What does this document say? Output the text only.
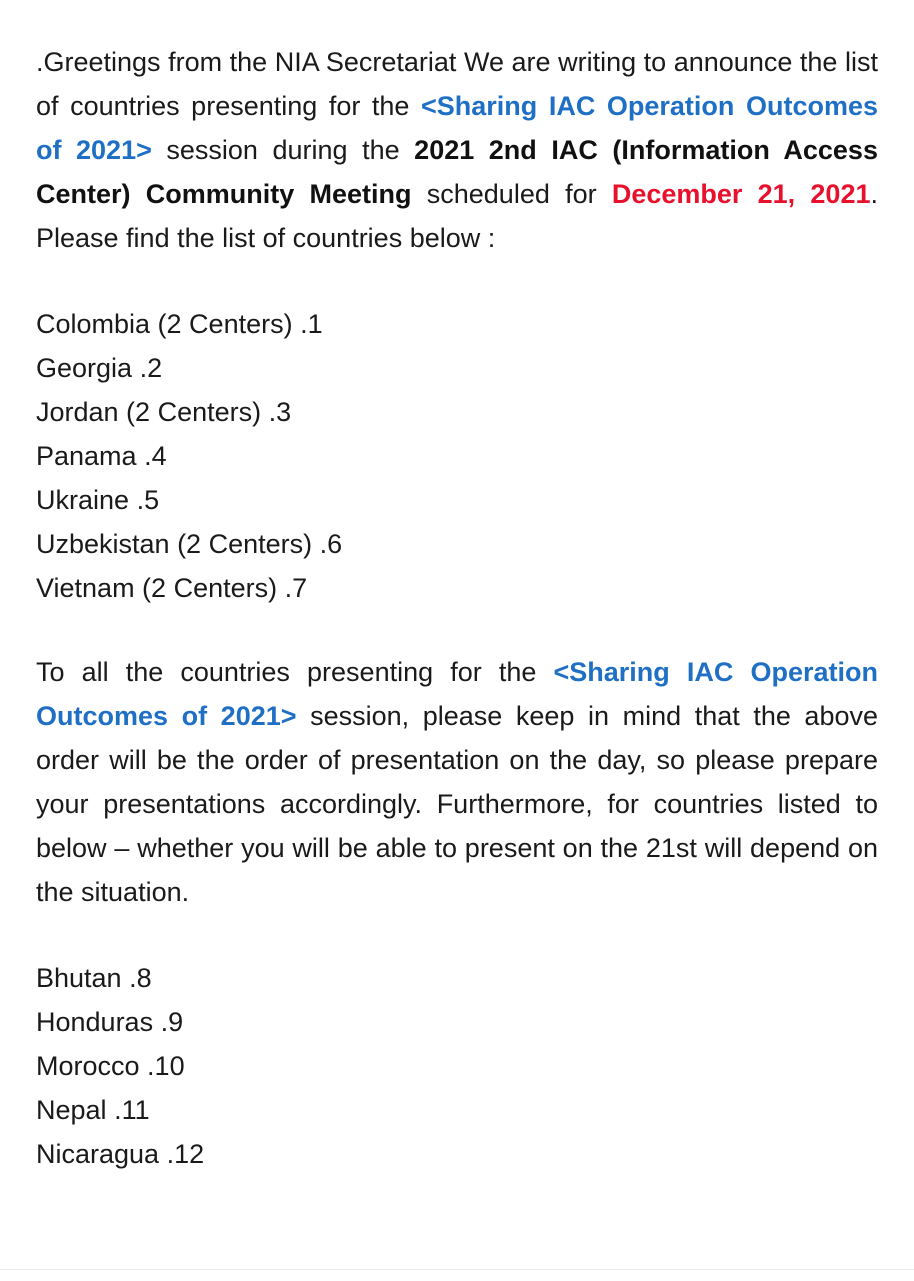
.Greetings from the NIA Secretariat We are writing to announce the list of countries presenting for the <Sharing IAC Operation Outcomes of 2021> session during the 2021 2nd IAC (Information Access Center) Community Meeting scheduled for December 21, 2021. Please find the list of countries below :

.1 Colombia (2 Centers)
.2 Georgia
.3 Jordan (2 Centers)
.4 Panama
.5 Ukraine
.6 Uzbekistan (2 Centers)
.7 Vietnam (2 Centers)

To all the countries presenting for the <Sharing IAC Operation Outcomes of 2021> session, please keep in mind that the above order will be the order of presentation on the day, so please prepare your presentations accordingly. Furthermore, for countries listed to below – whether you will be able to present on the 21st will depend on the situation.

.8 Bhutan
.9 Honduras
.10 Morocco
.11 Nepal
.12 Nicaragua
